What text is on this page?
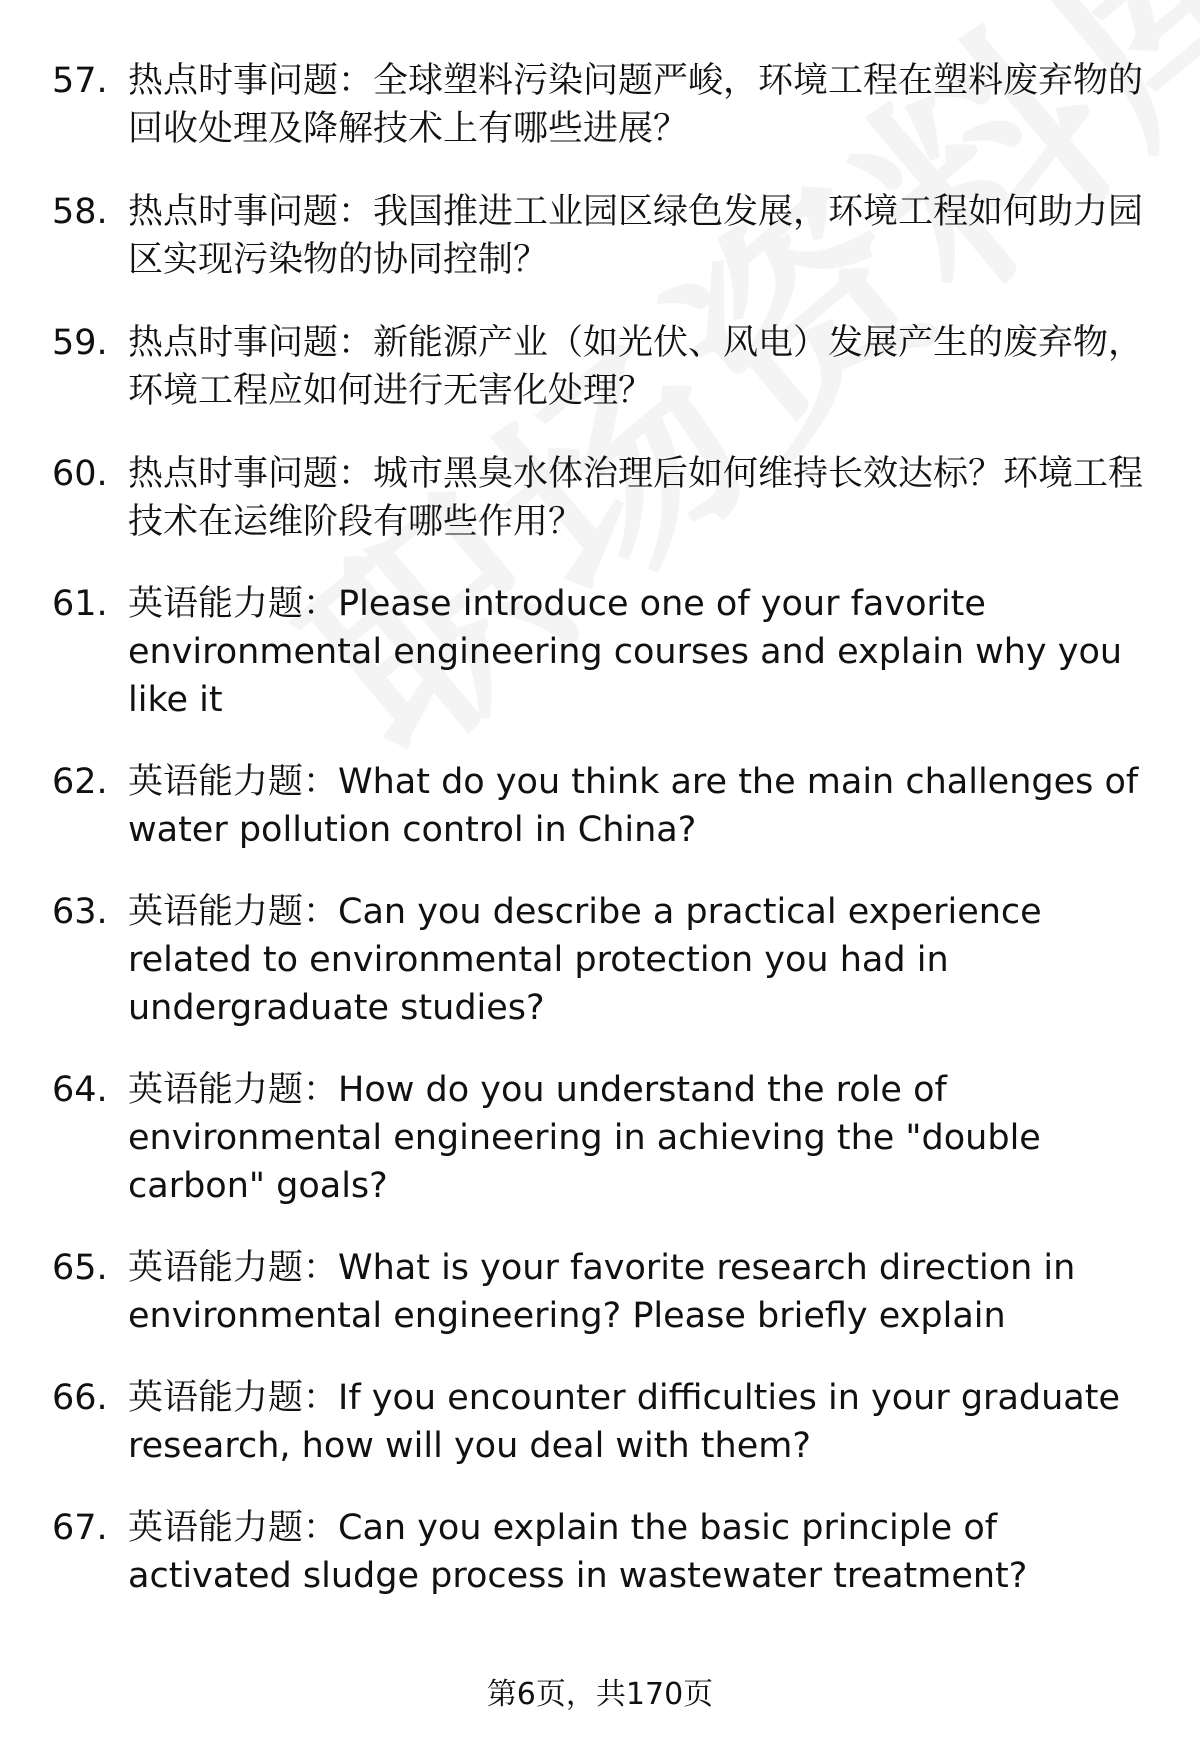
57. 热点时事问题：全球塑料污染问题严峻，环境工程在塑料废弃物的回收处理及降解技术上有哪些进展？
58. 热点时事问题：我国推进工业园区绿色发展，环境工程如何助力园区实现污染物的协同控制？
59. 热点时事问题：新能源产业（如光伏、风电）发展产生的废弃物，环境工程应如何进行无害化处理？
60. 热点时事问题：城市黑臭水体治理后如何维持长效达标？环境工程技术在运维阶段有哪些作用？
61. 英语能力题：Please introduce one of your favorite environmental engineering courses and explain why you like it
62. 英语能力题：What do you think are the main challenges of water pollution control in China?
63. 英语能力题：Can you describe a practical experience related to environmental protection you had in undergraduate studies?
64. 英语能力题：How do you understand the role of environmental engineering in achieving the "double carbon" goals?
65. 英语能力题：What is your favorite research direction in environmental engineering? Please briefly explain
66. 英语能力题：If you encounter difficulties in your graduate research, how will you deal with them?
67. 英语能力题：Can you explain the basic principle of activated sludge process in wastewater treatment?
第6页，共170页
